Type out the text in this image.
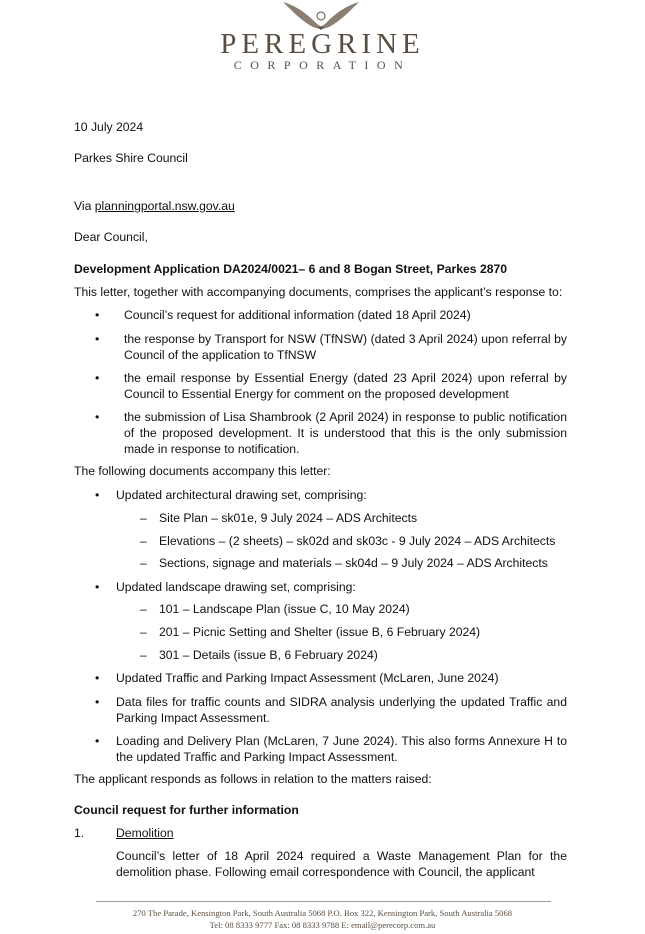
PEREGRINE
CORPORATION
10 July 2024
Parkes Shire Council
Via planningportal.nsw.gov.au
Dear Council,
Development Application DA2024/0021– 6 and 8 Bogan Street, Parkes 2870
This letter, together with accompanying documents, comprises the applicant’s response to:
• Council’s request for additional information (dated 18 April 2024)
• the response by Transport for NSW (TfNSW) (dated 3 April 2024) upon referral by Council of the application to TfNSW
• the email response by Essential Energy (dated 23 April 2024) upon referral by Council to Essential Energy for comment on the proposed development
• the submission of Lisa Shambrook (2 April 2024) in response to public notification of the proposed development. It is understood that this is the only submission made in response to notification.
The following documents accompany this letter:
• Updated architectural drawing set, comprising:
– Site Plan – sk01e, 9 July 2024 – ADS Architects
– Elevations – (2 sheets) – sk02d and sk03c - 9 July 2024 – ADS Architects
– Sections, signage and materials – sk04d – 9 July 2024 – ADS Architects
• Updated landscape drawing set, comprising:
– 101 – Landscape Plan (issue C, 10 May 2024)
– 201 – Picnic Setting and Shelter (issue B, 6 February 2024)
– 301 – Details (issue B, 6 February 2024)
• Updated Traffic and Parking Impact Assessment (McLaren, June 2024)
• Data files for traffic counts and SIDRA analysis underlying the updated Traffic and Parking Impact Assessment.
• Loading and Delivery Plan (McLaren, 7 June 2024). This also forms Annexure H to the updated Traffic and Parking Impact Assessment.
The applicant responds as follows in relation to the matters raised:
Council request for further information
1.	Demolition
Council’s letter of 18 April 2024 required a Waste Management Plan for the demolition phase. Following email correspondence with Council, the applicant
270 The Parade, Kensington Park, South Australia 5068 P.O. Box 322, Kensington Park, South Australia 5068
Tel: 08 8333 9777 Fax: 08 8333 9788 E: email@perecorp.com.au
